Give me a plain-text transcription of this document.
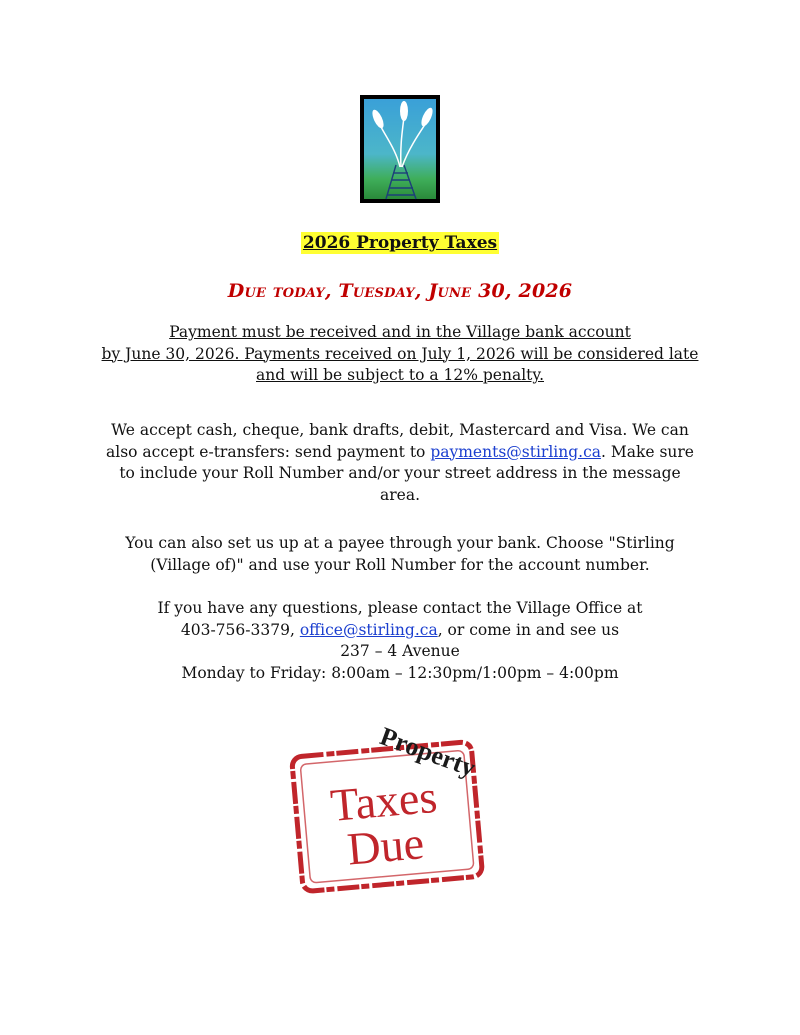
2026 Property Taxes
Due today, Tuesday, June 30, 2026
Payment must be received and in the Village bank account
by June 30, 2026. Payments received on July 1, 2026 will be considered late
and will be subject to a 12% penalty.
We accept cash, cheque, bank drafts, debit, Mastercard and Visa. We can
also accept e-transfers: send payment to payments@stirling.ca. Make sure
to include your Roll Number and/or your street address in the message
area.
You can also set us up at a payee through your bank. Choose "Stirling
(Village of)" and use your Roll Number for the account number.
If you have any questions, please contact the Village Office at
403-756-3379, office@stirling.ca, or come in and see us
237 – 4 Avenue
Monday to Friday: 8:00am – 12:30pm/1:00pm – 4:00pm
Taxes
Due
Property
